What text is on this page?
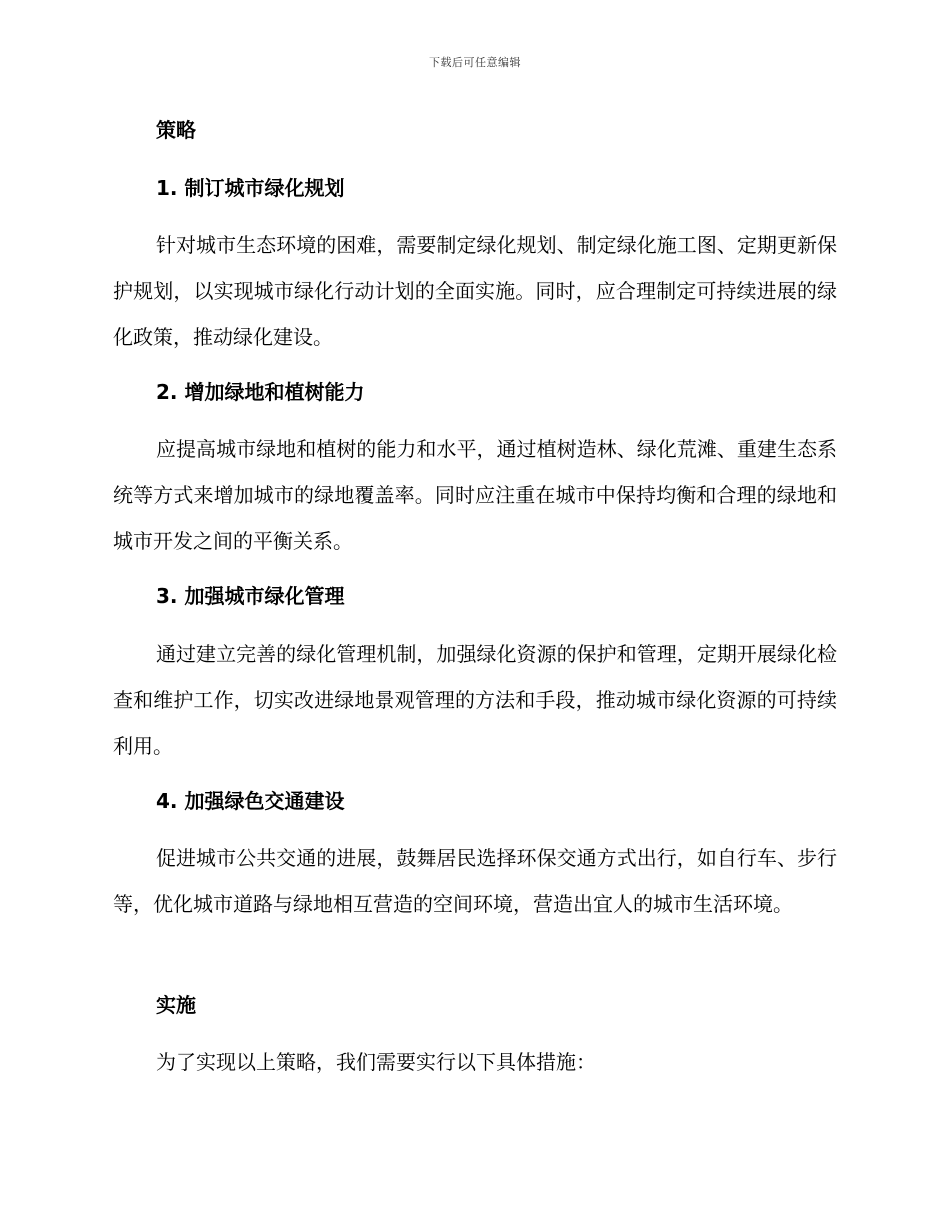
下载后可任意编辑
策略
1. 制订城市绿化规划

针对城市生态环境的困难，需要制定绿化规划、制定绿化施工图、定期更新保护规划，以实现城市绿化行动计划的全面实施。同时，应合理制定可持续进展的绿化政策，推动绿化建设。

2. 增加绿地和植树能力

应提高城市绿地和植树的能力和水平，通过植树造林、绿化荒滩、重建生态系统等方式来增加城市的绿地覆盖率。同时应注重在城市中保持均衡和合理的绿地和城市开发之间的平衡关系。

3. 加强城市绿化管理

通过建立完善的绿化管理机制，加强绿化资源的保护和管理，定期开展绿化检查和维护工作，切实改进绿地景观管理的方法和手段，推动城市绿化资源的可持续利用。

4. 加强绿色交通建设

促进城市公共交通的进展，鼓舞居民选择环保交通方式出行，如自行车、步行等，优化城市道路与绿地相互营造的空间环境，营造出宜人的城市生活环境。

实施

为了实现以上策略，我们需要实行以下具体措施：
